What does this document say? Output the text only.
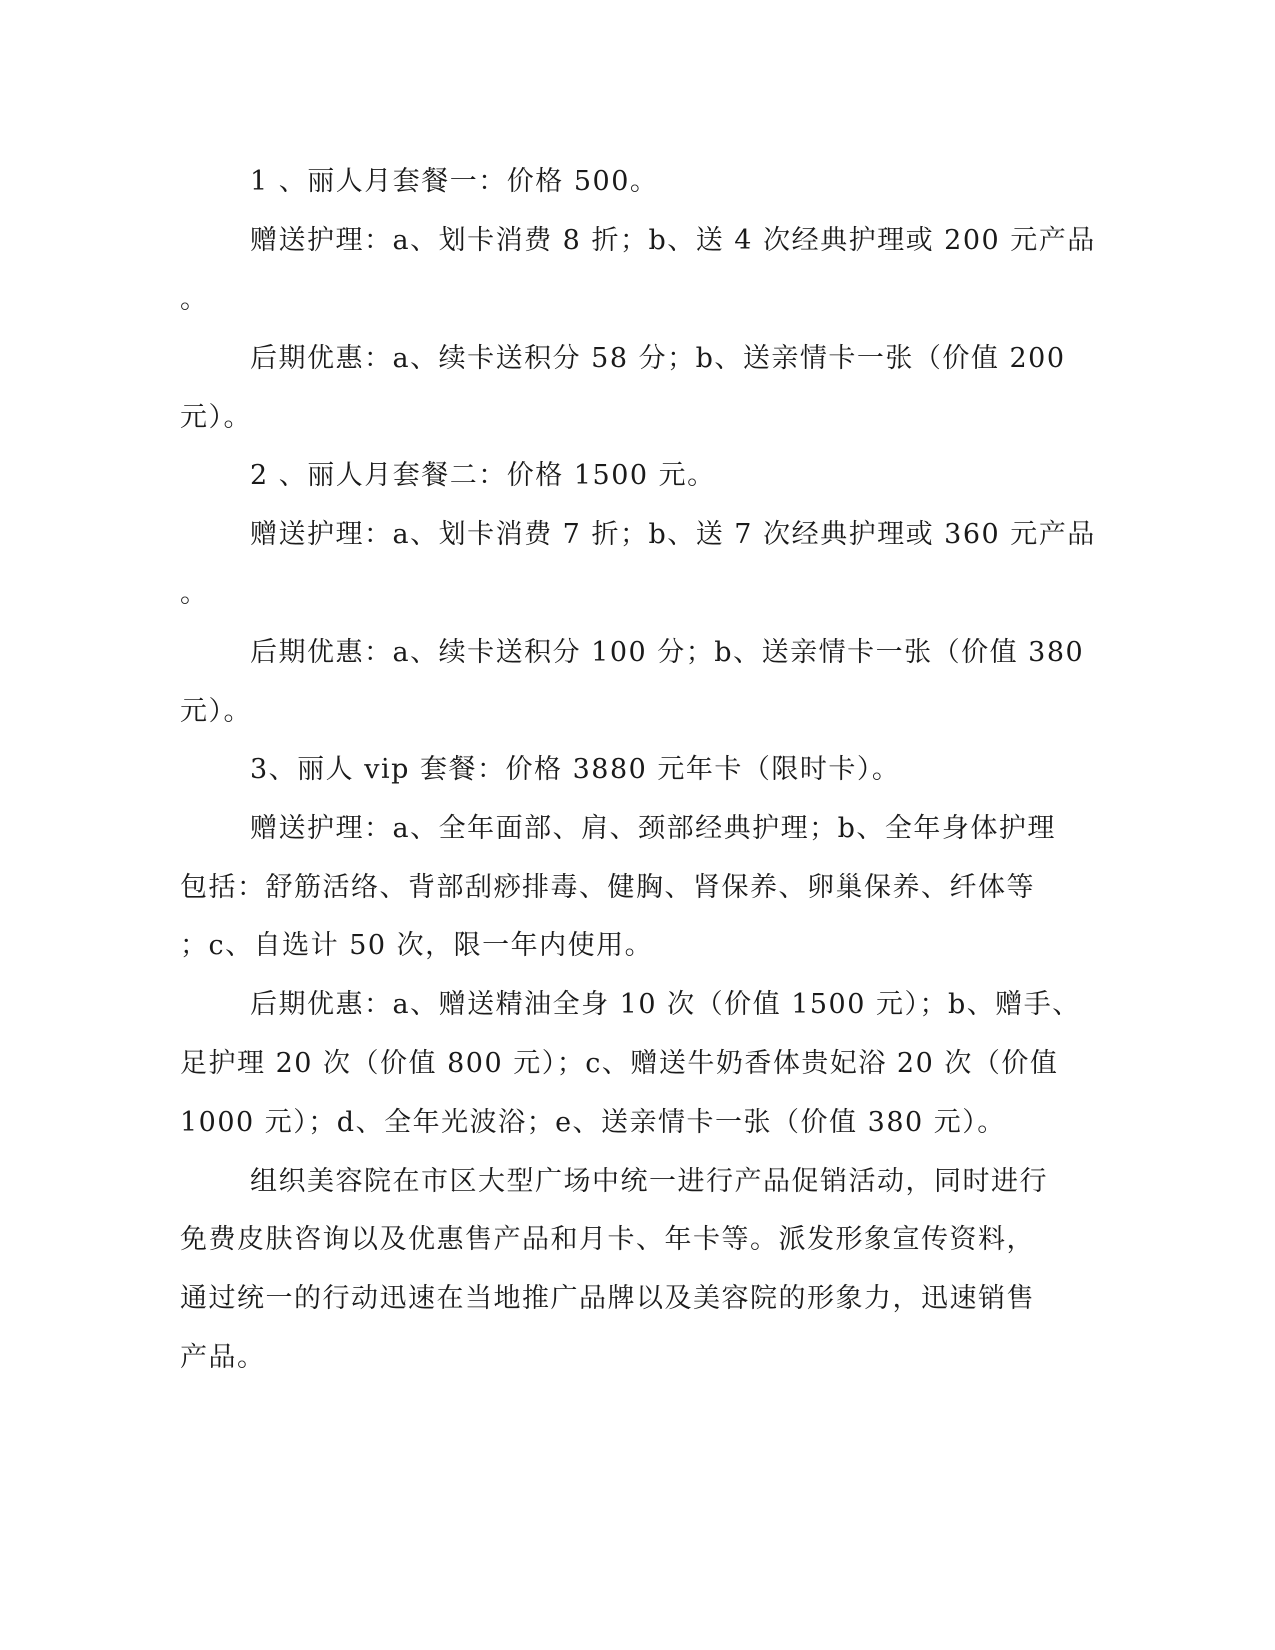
1 、丽人月套餐一：价格 500。
赠送护理：a、划卡消费 8 折；b、送 4 次经典护理或 200 元产品
。
后期优惠：a、续卡送积分 58 分；b、送亲情卡一张（价值 200
元）。
2 、丽人月套餐二：价格 1500 元。
赠送护理：a、划卡消费 7 折；b、送 7 次经典护理或 360 元产品
。
后期优惠：a、续卡送积分 100 分；b、送亲情卡一张（价值 380
元）。
3、丽人 vip 套餐：价格 3880 元年卡（限时卡）。
赠送护理：a、全年面部、肩、颈部经典护理；b、全年身体护理
包括：舒筋活络、背部刮痧排毒、健胸、肾保养、卵巢保养、纤体等
；c、自选计 50 次，限一年内使用。
后期优惠：a、赠送精油全身 10 次（价值 1500 元）；b、赠手、
足护理 20 次（价值 800 元）；c、赠送牛奶香体贵妃浴 20 次（价值
1000 元）；d、全年光波浴；e、送亲情卡一张（价值 380 元）。
组织美容院在市区大型广场中统一进行产品促销活动，同时进行
免费皮肤咨询以及优惠售产品和月卡、年卡等。派发形象宣传资料，
通过统一的行动迅速在当地推广品牌以及美容院的形象力，迅速销售
产品。
